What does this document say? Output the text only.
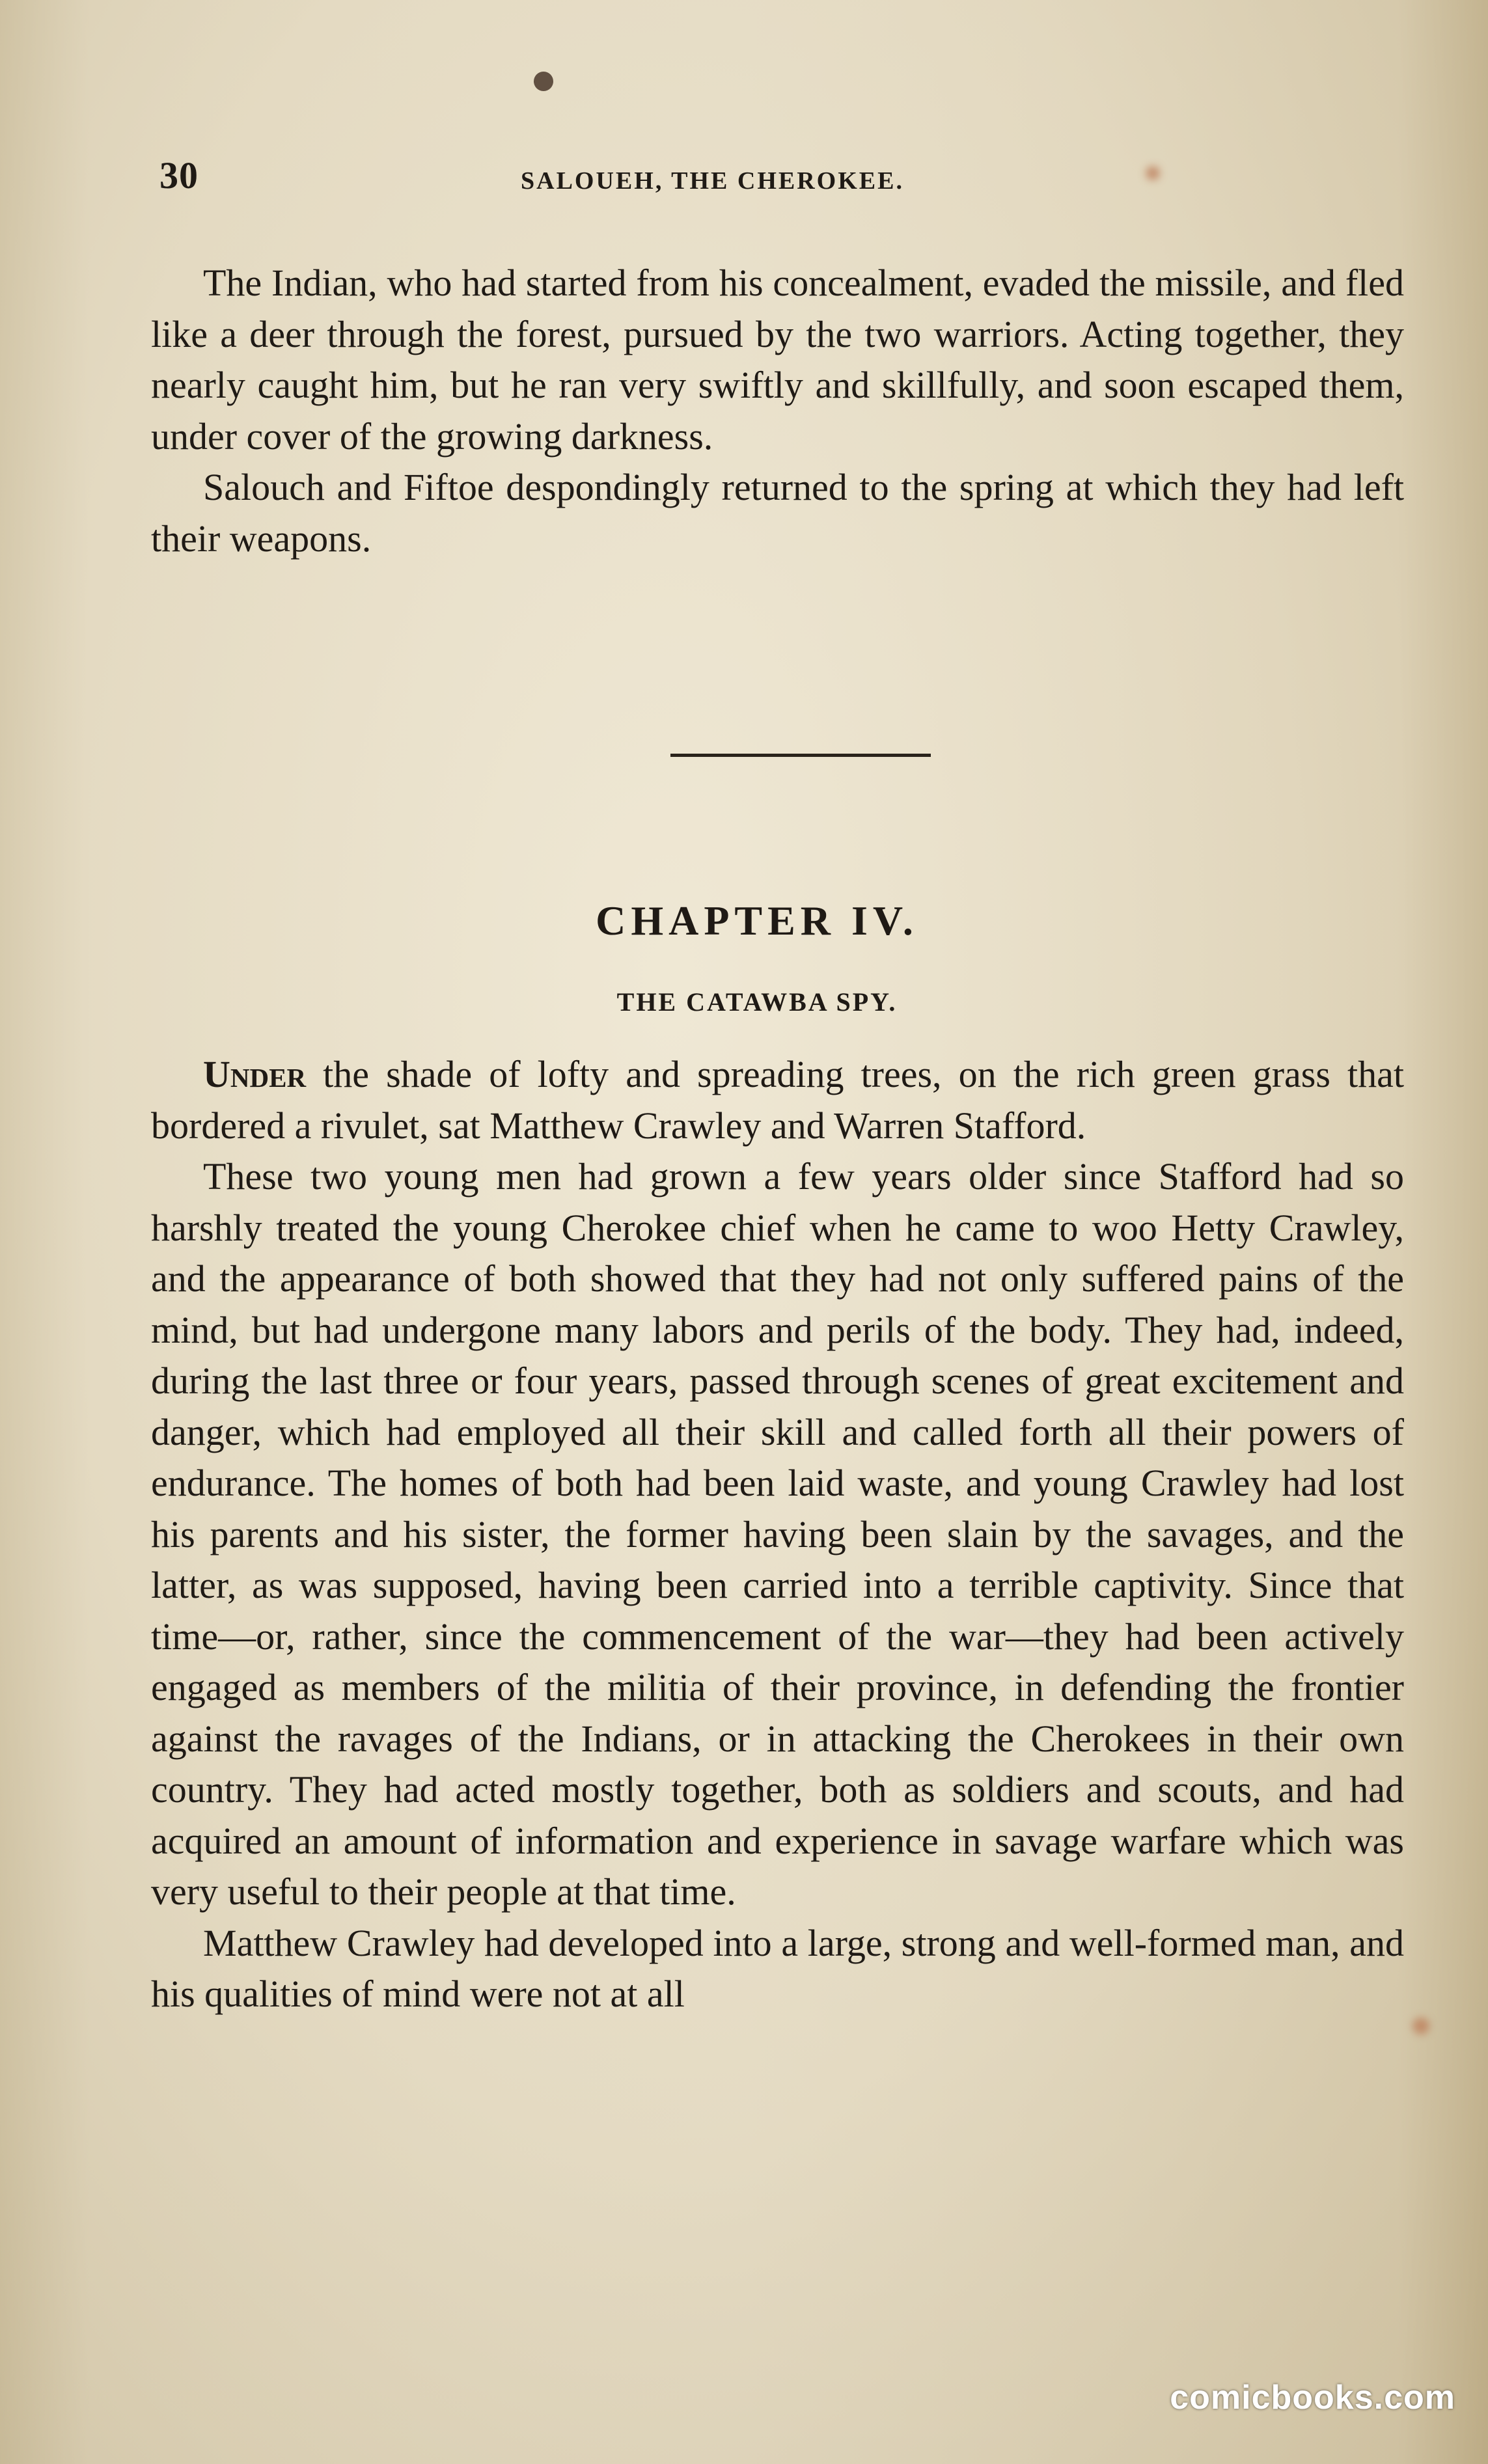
30	SALOUEH, THE CHEROKEE.

The Indian, who had started from his concealment, evaded the missile, and fled like a deer through the forest, pursued by the two warriors. Acting together, they nearly caught him, but he ran very swiftly and skillfully, and soon escaped them, under cover of the growing darkness.

Salouch and Fiftoe despondingly returned to the spring at which they had left their weapons.

CHAPTER IV.
THE CATAWBA SPY.

Under the shade of lofty and spreading trees, on the rich green grass that bordered a rivulet, sat Matthew Crawley and Warren Stafford.

These two young men had grown a few years older since Stafford had so harshly treated the young Cherokee chief when he came to woo Hetty Crawley, and the appearance of both showed that they had not only suffered pains of the mind, but had undergone many labors and perils of the body. They had, indeed, during the last three or four years, passed through scenes of great excitement and danger, which had employed all their skill and called forth all their powers of endurance. The homes of both had been laid waste, and young Crawley had lost his parents and his sister, the former having been slain by the savages, and the latter, as was supposed, having been carried into a terrible captivity. Since that time—or, rather, since the commencement of the war—they had been actively engaged as members of the militia of their province, in defending the frontier against the ravages of the Indians, or in attacking the Cherokees in their own country. They had acted mostly together, both as soldiers and scouts, and had acquired an amount of information and experience in savage warfare which was very useful to their people at that time.

Matthew Crawley had developed into a large, strong and well-formed man, and his qualities of mind were not at all

comicbooks.com
